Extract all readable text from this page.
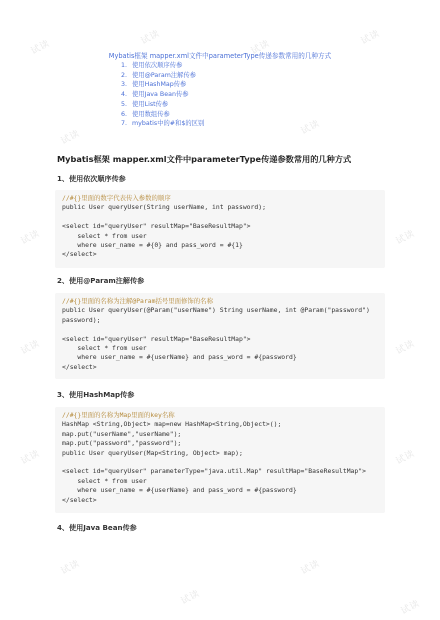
试读
试读
试读
试读
试读
试读
试读	试读
试读	试读
试读	试读
试读
试读
试读
试读
Mybatis框架 mapper.xml文件中parameterType传递参数常用的几种方式
1. 使用依次顺序传参
2. 使用@Param注解传参
3. 使用HashMap传参
4. 使用Java Bean传参
5. 使用List传参
6. 使用数组传参
7. mybatis中的#和$的区别
Mybatis框架 mapper.xml文件中parameterType传递参数常用的几种方式
1、使用依次顺序传参
//#{}里面的数字代表传入参数的顺序
public User queryUser(String userName, int password);
<select id="queryUser" resultMap="BaseResultMap">
select * from user
where user_name = #{0} and pass_word = #{1}
</select>
2、使用@Param注解传参
//#{}里面的名称为注解@Param括号里面修饰的名称
public User queryUser(@Param("userName") String userName, int @Param("password")
password);
<select id="queryUser" resultMap="BaseResultMap">
select * from user
where user_name = #{userName} and pass_word = #{password}
</select>
3、使用HashMap传参
//#{}里面的名称为Map里面的key名称
HashMap <String,Object> map=new HashMap<String,Object>();
map.put("userName","userName");
map.put("password","password");
public User queryUser(Map<String, Object> map);
<select id="queryUser" parameterType="java.util.Map" resultMap="BaseResultMap">
select * from user
where user_name = #{userName} and pass_word = #{password}
</select>
4、使用Java Bean传参
